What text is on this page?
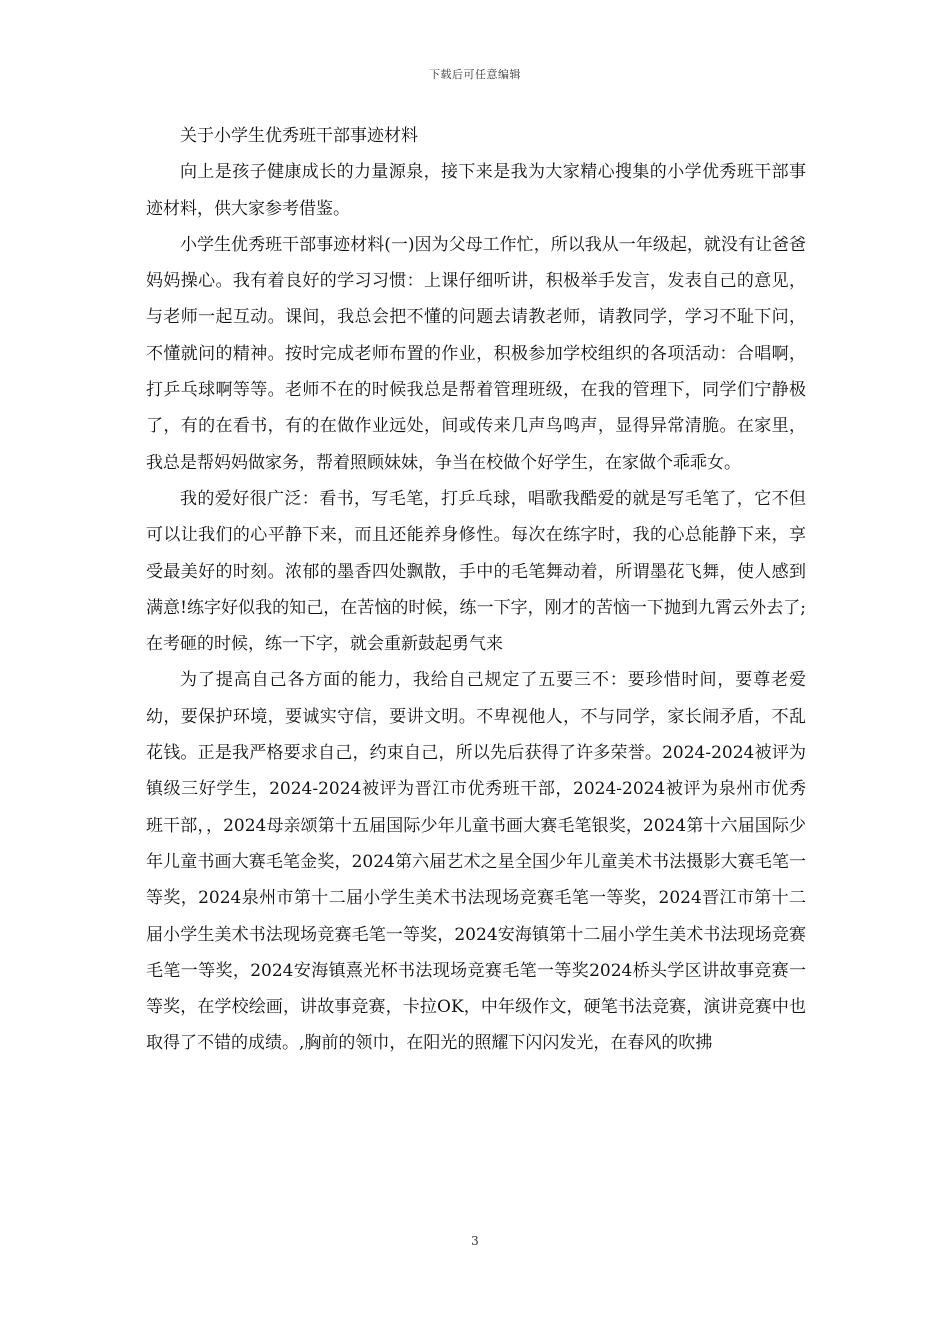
下载后可任意编辑

关于小学生优秀班干部事迹材料

向上是孩子健康成长的力量源泉，接下来是我为大家精心搜集的小学优秀班干部事迹材料，供大家参考借鉴。

小学生优秀班干部事迹材料(一)因为父母工作忙，所以我从一年级起，就没有让爸爸妈妈操心。我有着良好的学习习惯：上课仔细听讲，积极举手发言，发表自己的意见，与老师一起互动。课间，我总会把不懂的问题去请教老师，请教同学，学习不耻下问，不懂就问的精神。按时完成老师布置的作业，积极参加学校组织的各项活动：合唱啊，打乒乓球啊等等。老师不在的时候我总是帮着管理班级，在我的管理下，同学们宁静极了，有的在看书，有的在做作业远处，间或传来几声鸟鸣声，显得异常清脆。在家里，我总是帮妈妈做家务，帮着照顾妹妹，争当在校做个好学生，在家做个乖乖女。

我的爱好很广泛：看书，写毛笔，打乒乓球，唱歌我酷爱的就是写毛笔了，它不但可以让我们的心平静下来，而且还能养身修性。每次在练字时，我的心总能静下来，享受最美好的时刻。浓郁的墨香四处飘散，手中的毛笔舞动着，所谓墨花飞舞，使人感到满意!练字好似我的知己，在苦恼的时候，练一下字，刚才的苦恼一下抛到九霄云外去了;在考砸的时候，练一下字，就会重新鼓起勇气来

为了提高自己各方面的能力，我给自己规定了五要三不：要珍惜时间，要尊老爱幼，要保护环境，要诚实守信，要讲文明。不卑视他人，不与同学，家长闹矛盾，不乱花钱。正是我严格要求自己，约束自己，所以先后获得了许多荣誉。2024-2024被评为镇级三好学生，2024-2024被评为晋江市优秀班干部，2024-2024被评为泉州市优秀班干部，，2024母亲颂第十五届国际少年儿童书画大赛毛笔银奖，2024第十六届国际少年儿童书画大赛毛笔金奖，2024第六届艺术之星全国少年儿童美术书法摄影大赛毛笔一等奖，2024泉州市第十二届小学生美术书法现场竞赛毛笔一等奖，2024晋江市第十二届小学生美术书法现场竞赛毛笔一等奖，2024安海镇第十二届小学生美术书法现场竞赛毛笔一等奖，2024安海镇熹光杯书法现场竞赛毛笔一等奖2024桥头学区讲故事竞赛一等奖，在学校绘画，讲故事竞赛，卡拉OK，中年级作文，硬笔书法竞赛，演讲竞赛中也取得了不错的成绩。,胸前的领巾，在阳光的照耀下闪闪发光，在春风的吹拂

3
